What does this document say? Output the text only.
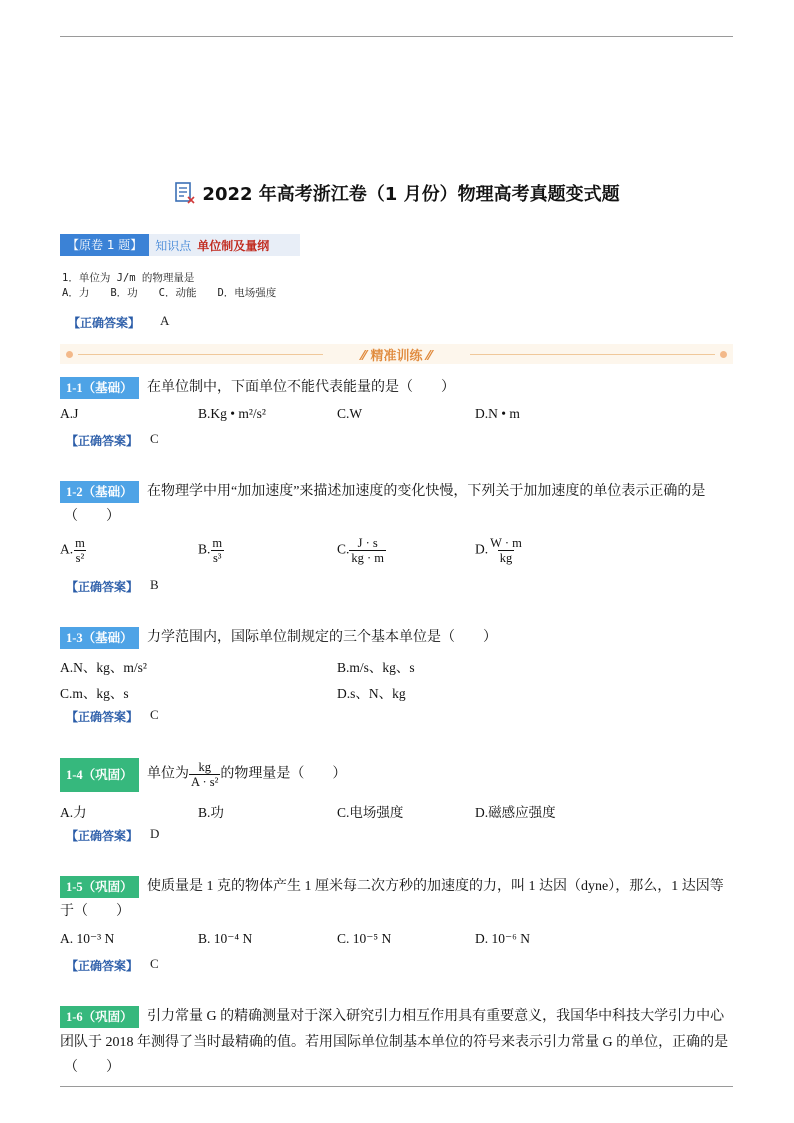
2022 年高考浙江卷（1 月份）物理高考真题变式题
【原卷 1 题】	知识点 单位制及量纲
1．单位为 J/m 的物理量是
A．力　　B．功　　C．动能　　D．电场强度
【正确答案】 A
⁄⁄ 精准训练 ⁄⁄
1-1（基础）	在单位制中，下面单位不能代表能量的是（　　）
A.J	B.Kg • m²/s²	C.W	D.N • m
【正确答案】 C
1-2（基础）	在物理学中用“加加速度”来描述加速度的变化快慢，下列关于加加速度的单位表示正确的是
（　　）
A. $\frac{m}{\text{s²}}$	B. $\frac{m}{\text{s³}}$	C. $\frac{J \cdot s}{kg \cdot m}$	D. $\frac{W \cdot m}{kg}$
【正确答案】 B
1-3（基础）	力学范围内，国际单位制规定的三个基本单位是（　　）
A.N、kg、m/s²	B.m/s、kg、s
C.m、kg、s	D.s、N、kg
【正确答案】 C
1-4（巩固）	单位为 $\frac{kg}{\text{A · s²}}$ 的物理量是（　　）
A.力	B.功	C.电场强度	D.磁感应强度
【正确答案】 D
1-5（巩固）	使质量是 1 克的物体产生 1 厘米每二次方秒的加速度的力，叫 1 达因（dyne），那么，1 达因等
于（　　）
A. 10⁻³ N	B. 10⁻⁴ N	C. 10⁻⁵ N	D. 10⁻⁶ N
【正确答案】 C
1-6（巩固）	引力常量 G 的精确测量对于深入研究引力相互作用具有重要意义，我国华中科技大学引力中心
团队于 2018 年测得了当时最精确的值。若用国际单位制基本单位的符号来表示引力常量 G 的单位，正确的是
（　　）
